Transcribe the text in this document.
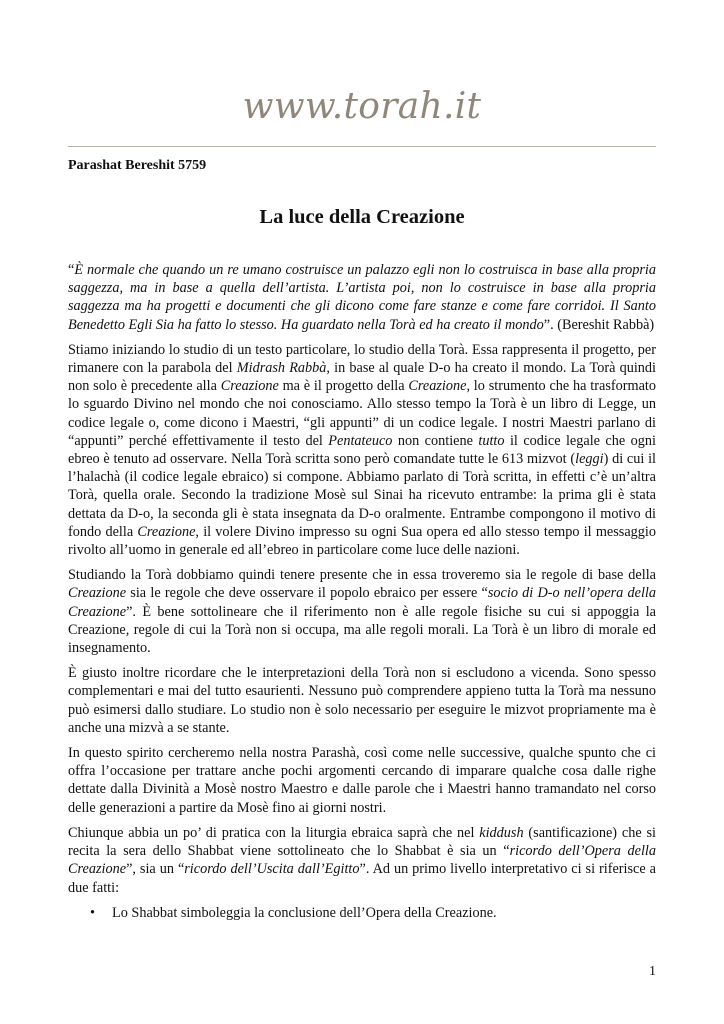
www.torah.it
Parashat Bereshit 5759
La luce della Creazione

“È normale che quando un re umano costruisce un palazzo egli non lo costruisca in base alla propria saggezza, ma in base a quella dell’artista. L’artista poi, non lo costruisce in base alla propria saggezza ma ha progetti e documenti che gli dicono come fare stanze e come fare corridoi. Il Santo Benedetto Egli Sia ha fatto lo stesso. Ha guardato nella Torà ed ha creato il mondo”. (Bereshit Rabbà)

Stiamo iniziando lo studio di un testo particolare, lo studio della Torà. Essa rappresenta il progetto, per rimanere con la parabola del Midrash Rabbà, in base al quale D-o ha creato il mondo. La Torà quindi non solo è precedente alla Creazione ma è il progetto della Creazione, lo strumento che ha trasformato lo sguardo Divino nel mondo che noi conosciamo. Allo stesso tempo la Torà è un libro di Legge, un codice legale o, come dicono i Maestri, “gli appunti” di un codice legale. I nostri Maestri parlano di “appunti” perché effettivamente il testo del Pentateuco non contiene tutto il codice legale che ogni ebreo è tenuto ad osservare. Nella Torà scritta sono però comandate tutte le 613 mizvot (leggi) di cui il l’halachà (il codice legale ebraico) si compone. Abbiamo parlato di Torà scritta, in effetti c’è un’altra Torà, quella orale. Secondo la tradizione Mosè sul Sinai ha ricevuto entrambe: la prima gli è stata dettata da D-o, la seconda gli è stata insegnata da D-o oralmente. Entrambe compongono il motivo di fondo della Creazione, il volere Divino impresso su ogni Sua opera ed allo stesso tempo il messaggio rivolto all’uomo in generale ed all’ebreo in particolare come luce delle nazioni.

Studiando la Torà dobbiamo quindi tenere presente che in essa troveremo sia le regole di base della Creazione sia le regole che deve osservare il popolo ebraico per essere “socio di D-o nell’opera della Creazione”. È bene sottolineare che il riferimento non è alle regole fisiche su cui si appoggia la Creazione, regole di cui la Torà non si occupa, ma alle regoli morali. La Torà è un libro di morale ed insegnamento.

È giusto inoltre ricordare che le interpretazioni della Torà non si escludono a vicenda. Sono spesso complementari e mai del tutto esaurienti. Nessuno può comprendere appieno tutta la Torà ma nessuno può esimersi dallo studiare. Lo studio non è solo necessario per eseguire le mizvot propriamente ma è anche una mizvà a se stante.

In questo spirito cercheremo nella nostra Parashà, così come nelle successive, qualche spunto che ci offra l’occasione per trattare anche pochi argomenti cercando di imparare qualche cosa dalle righe dettate dalla Divinità a Mosè nostro Maestro e dalle parole che i Maestri hanno tramandato nel corso delle generazioni a partire da Mosè fino ai giorni nostri.

Chiunque abbia un po’ di pratica con la liturgia ebraica saprà che nel kiddush (santificazione) che si recita la sera dello Shabbat viene sottolineato che lo Shabbat è sia un “ricordo dell’Opera della Creazione”, sia un “ricordo dell’Uscita dall’Egitto”. Ad un primo livello interpretativo ci si riferisce a due fatti:

• Lo Shabbat simboleggia la conclusione dell’Opera della Creazione.
1
